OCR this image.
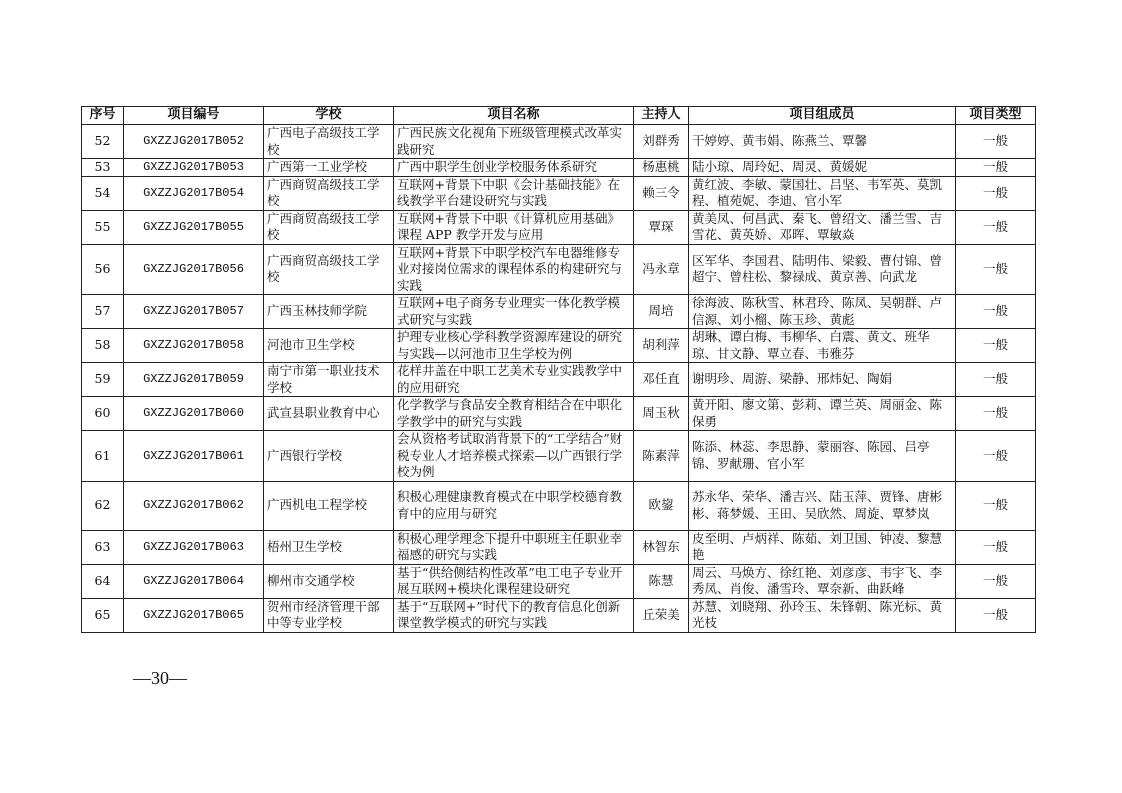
序号	项目编号	学校	项目名称	主持人	项目组成员	项目类型
52	GXZZJG2017B052	广西电子高级技工学校	广西民族文化视角下班级管理模式改革实践研究	刘群秀	干婷婷、黄韦娟、陈燕兰、覃馨	一般
53	GXZZJG2017B053	广西第一工业学校	广西中职学生创业学校服务体系研究	杨惠桃	陆小琼、周玲妃、周灵、黄媛妮	一般
54	GXZZJG2017B054	广西商贸高级技工学校	互联网+背景下中职《会计基础技能》在线教学平台建设研究与实践	赖三令	黄红波、李敏、蒙国壮、吕坚、韦军英、莫凯程、植苑妮、李迪、官小军	一般
55	GXZZJG2017B055	广西商贸高级技工学校	互联网+背景下中职《计算机应用基础》课程 APP 教学开发与应用	覃琛	黄美凤、何昌武、秦飞、曾绍文、潘兰雪、吉雪花、黄英娇、邓晖、覃敏焱	一般
56	GXZZJG2017B056	广西商贸高级技工学校	互联网+背景下中职学校汽车电器维修专业对接岗位需求的课程体系的构建研究与实践	冯永章	区军华、李国君、陆明伟、梁毅、曹付锦、曾超宁、曾柱松、黎禄成、黄京善、向武龙	一般
57	GXZZJG2017B057	广西玉林技师学院	互联网+电子商务专业理实一体化教学模式研究与实践	周培	徐海波、陈秋雪、林君玲、陈凤、吴朝群、卢信源、刘小榴、陈玉珍、黄彪	一般
58	GXZZJG2017B058	河池市卫生学校	护理专业核心学科教学资源库建设的研究与实践—以河池市卫生学校为例	胡利萍	胡琳、谭白梅、韦柳华、白震、黄文、班华琼、甘文静、覃立春、韦雅芬	一般
59	GXZZJG2017B059	南宁市第一职业技术学校	花样井盖在中职工艺美术专业实践教学中的应用研究	邓任直	谢明珍、周游、梁静、邢炜妃、陶娟	一般
60	GXZZJG2017B060	武宣县职业教育中心	化学教学与食品安全教育相结合在中职化学教学中的研究与实践	周玉秋	黄开阳、廖文第、彭莉、谭兰英、周丽金、陈保勇	一般
61	GXZZJG2017B061	广西银行学校	会从资格考试取消背景下的“工学结合”财税专业人才培养模式探索—以广西银行学校为例	陈素萍	陈添、林蕊、李思静、蒙丽容、陈园、吕亭锦、罗献珊、官小军	一般
62	GXZZJG2017B062	广西机电工程学校	积极心理健康教育模式在中职学校德育教育中的应用与研究	欧鋆	苏永华、荣华、潘吉兴、陆玉萍、贾锋、唐彬彬、蒋梦媛、王田、吴欣然、周旋、覃梦岚	一般
63	GXZZJG2017B063	梧州卫生学校	积极心理学理念下提升中职班主任职业幸福感的研究与实践	林智东	皮至明、卢炳祥、陈茹、刘卫国、钟凌、黎慧艳	一般
64	GXZZJG2017B064	柳州市交通学校	基于“供给侧结构性改革”电工电子专业开展互联网+模块化课程建设研究	陈慧	周云、马焕方、徐红艳、刘彦彦、韦宇飞、李秀凤、肖俊、潘雪玲、覃奈新、曲跃峰	一般
65	GXZZJG2017B065	贺州市经济管理干部中等专业学校	基于“互联网+”时代下的教育信息化创新课堂教学模式的研究与实践	丘荣美	苏慧、刘晓翔、孙玲玉、朱锋朝、陈光标、黄光枝	一般
—30—
